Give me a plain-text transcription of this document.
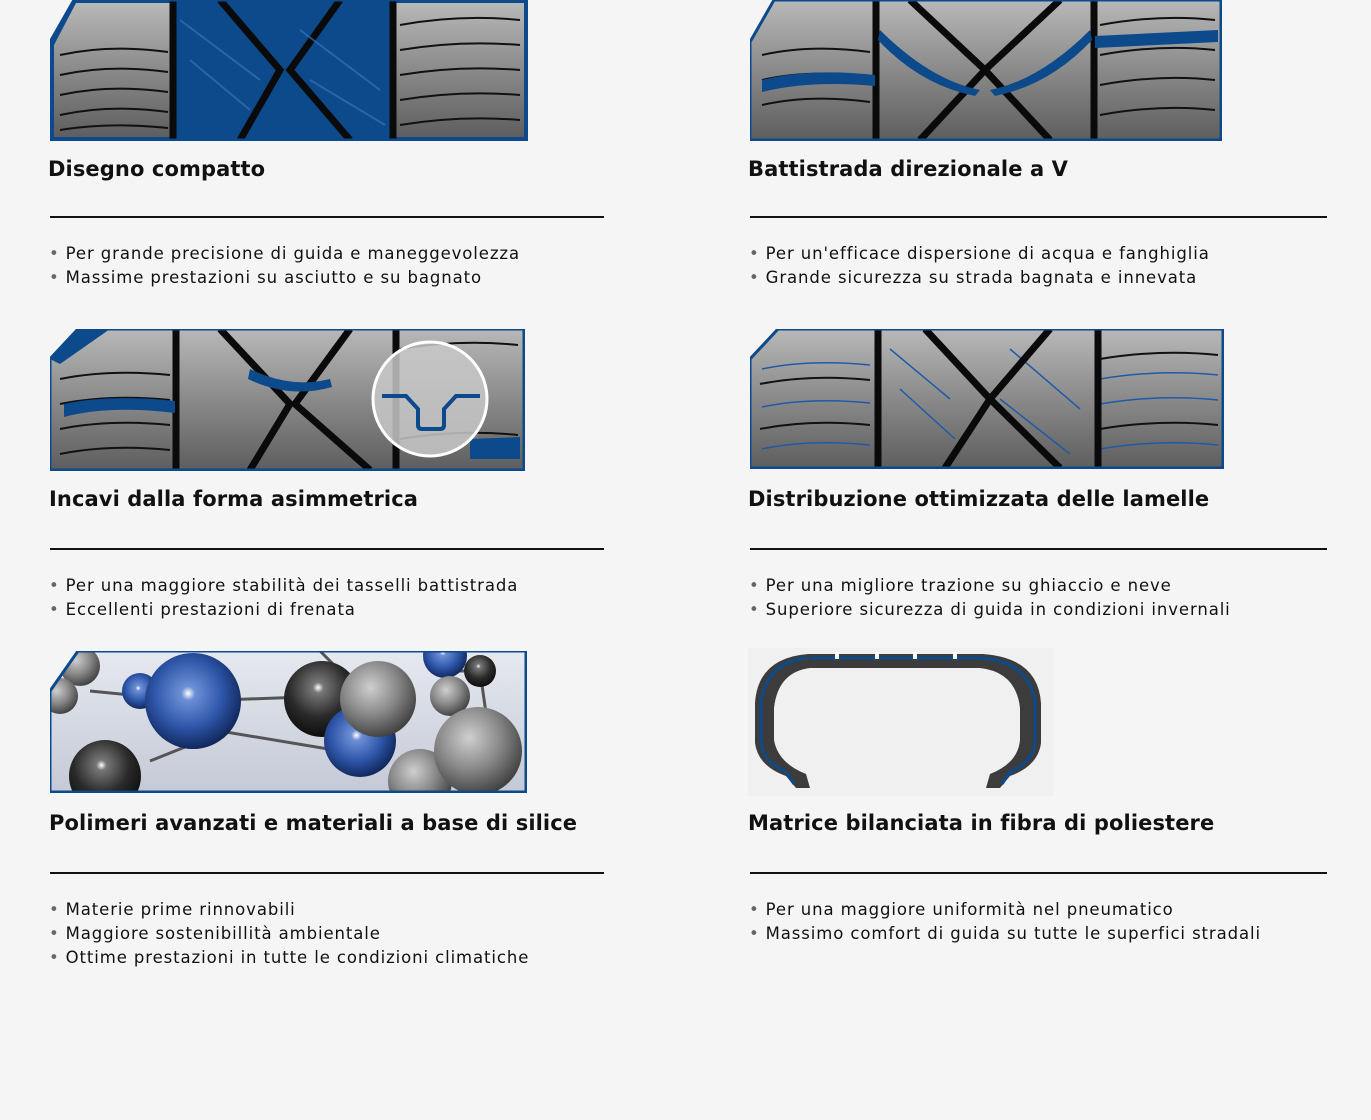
Disegno compatto
• Per grande precisione di guida e maneggevolezza
• Massime prestazioni su asciutto e su bagnato
Battistrada direzionale a V
• Per un'efficace dispersione di acqua e fanghiglia
• Grande sicurezza su strada bagnata e innevata
Incavi dalla forma asimmetrica
• Per una maggiore stabilità dei tasselli battistrada
• Eccellenti prestazioni di frenata
Distribuzione ottimizzata delle lamelle
• Per una migliore trazione su ghiaccio e neve
• Superiore sicurezza di guida in condizioni invernali
Polimeri avanzati e materiali a base di silice
• Materie prime rinnovabili
• Maggiore sostenibillità ambientale
• Ottime prestazioni in tutte le condizioni climatiche
Matrice bilanciata in fibra di poliestere
• Per una maggiore uniformità nel pneumatico
• Massimo comfort di guida su tutte le superfici stradali
